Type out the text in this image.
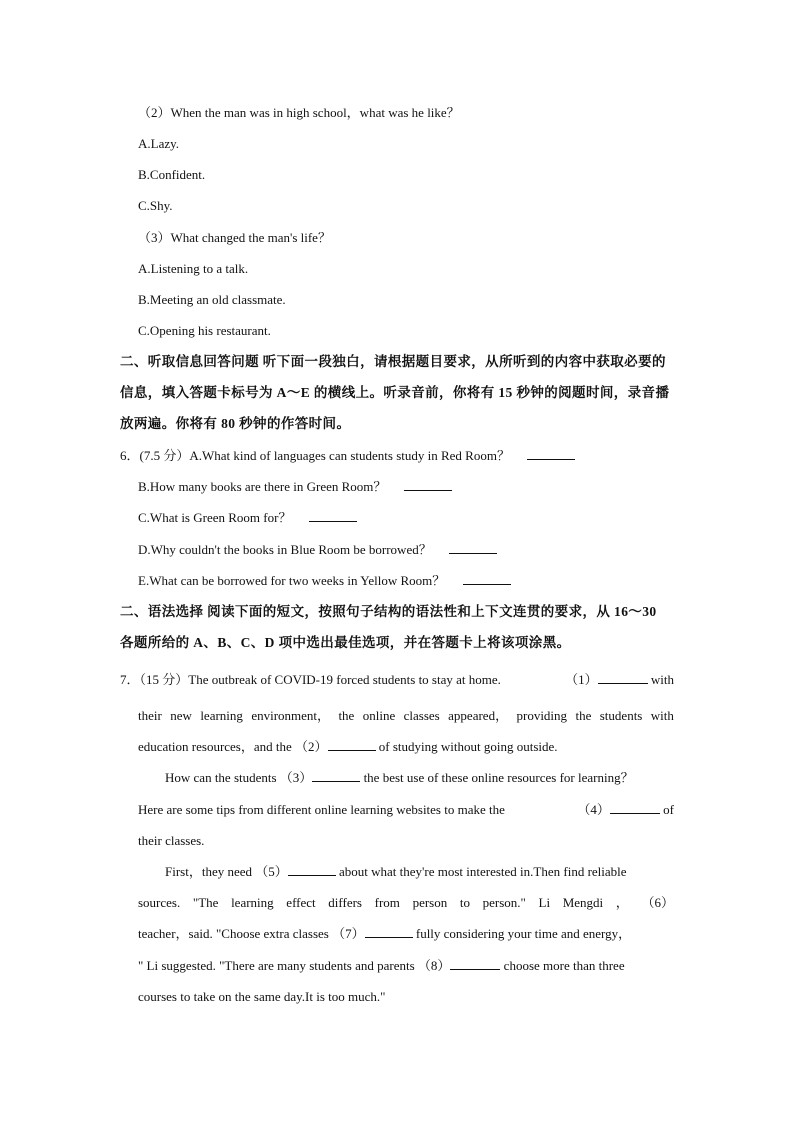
（2）When the man was in high school，what was he like？
A.Lazy.
B.Confident.
C.Shy.
（3）What changed the man's life？
A.Listening to a talk.
B.Meeting an old classmate.
C.Opening his restaurant.
二、听取信息回答问题 听下面一段独白，请根据题目要求，从所听到的内容中获取必要的
信息，填入答题卡标号为 A～E 的横线上。听录音前，你将有 15 秒钟的阅题时间，录音播
放两遍。你将有 80 秒钟的作答时间。
6．(7.5 分）A.What kind of languages can students study in Red Room？
B.How many books are there in Green Room？
C.What is Green Room for？
D.Why couldn't the books in Blue Room be borrowed？
E.What can be borrowed for two weeks in Yellow Room？
二、语法选择 阅读下面的短文，按照句子结构的语法性和上下文连贯的要求，从 16～30
各题所给的 A、B、C、D 项中选出最佳选项，并在答题卡上将该项涂黑。
7．（15 分）The outbreak of COVID-19 forced students to stay at home.	（1）	with
their new learning environment， the online classes appeared， providing the students with
education resources，and the （2）	of studying without going outside.
How can the students （3）	the best use of these online resources for learning？
Here are some tips from different online learning websites to make the	（4）	of
their classes.
First，they need （5）	about what they're most interested in.Then find reliable
sources. "The learning effect differs from person to person." Li Mengdi ， （6）
teacher，said. "Choose extra classes （7）	fully considering your time and energy，
" Li suggested. "There are many students and parents （8）	choose more than three
courses to take on the same day.It is too much."
